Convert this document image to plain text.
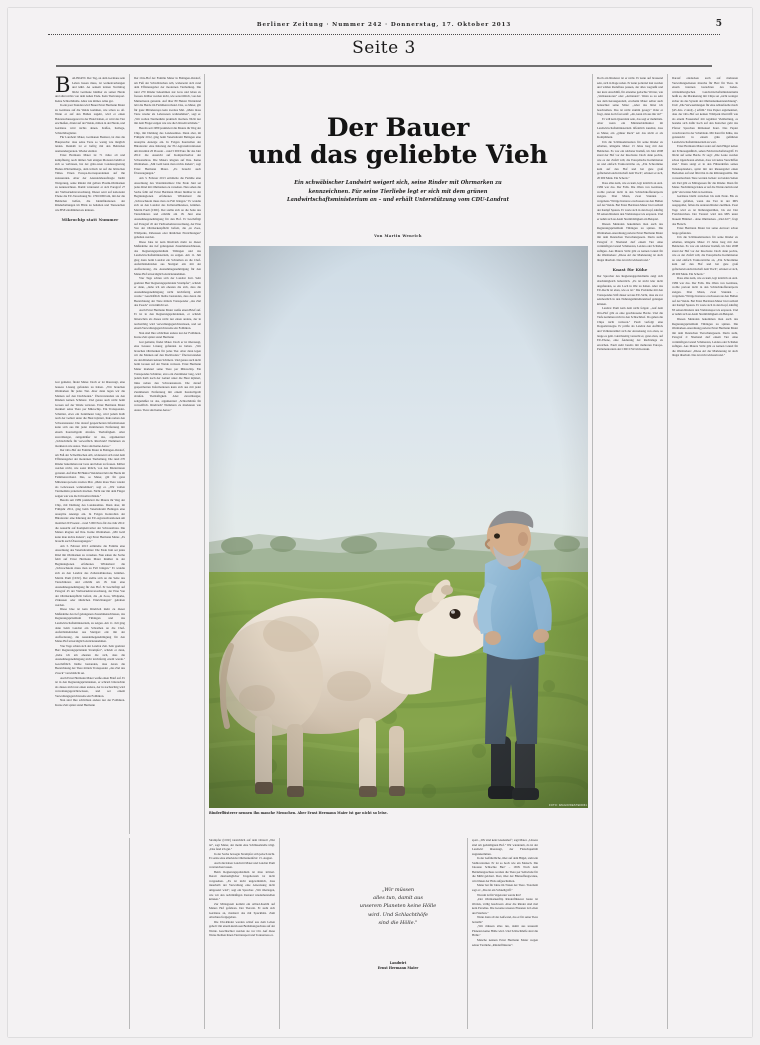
Berliner Zeitung · Nummer 242 · Donnerstag, 17. Oktober 2013	5
Seite 3

BALINGEN. Der Tag, an dem Germane sein Leben lassen muss, ist wolkenverhangen und kühl. An seinem letzten Vormittag blickt Germane hinüber zu seiner Herde und ahnt nichts von dem nahen Ende. Kein Tiertransport. Keine Schlachthalle. Alles wie immer. Alles gut.

In ein paar Stunden wird Bauer Ernst Hermann Maier zu Germane auf die Weide kommen, wie schon so oft. Wenn er auf den Bullen zugeht, wird er einen Bolzenschussapparat in der Hand halten, er wird das Tier erschießen, direkt auf der Weide, mitten in der Herde, und Germane wird nichts ahnen. Kaffee, Kollege, Schlachtbegleiter.

Für Landwirt Maier, Germanen Besitzer, ist dies die Hauptsache: dass seine Tiere so wenig wie möglich leiden. Deshalb ist er heftig mit den Behörden aneinandergeraten. Wieder einmal.

Ernst Hermann Maier ist 71 Jahre alt und kampflustig, noch immer. Seit einigen Monaten behält er sich so verbissen, hat der grün-roten Landesregierung Baden-Württembergs, dem irdisch ist auf die britischen Times. Einen Europa-Korrespondenten auf ihn zuzusenden. Aber der Anstandsbeauftragte bleibt Weigerung, seine Rinder mit gelben Plastik-Ohrmarken zu kennzeichnen. Damit widersetzt er sich Paragraf 27 der Viehverkehrsverordnung. Dieser setzt auf nationaler Ebene die EU-Verordnung Nr. 1760/2000 um, mit der die Behörden helfen, die Identifikationen der Rinderhaltungen im Blick zu behalten und Tierseuchen wie BSE eindämmen zu können.

Mikrochip statt Nummer

Gut gemeint, findet Maier. Doch er ist überzeugt, eine bessere Lösung gefunden zu haben. „Wir brauchen Ohrmarken für jedes Tier. Aber dann legen wir die Marken auf den Dachboden." Überverstanden sie den Rindern keinen Schmerz. Und genau auch nicht beim Grasen auf der Weide verloren. Ernst Hermann Maier markiert seine Tiere per Mikrochip. Ein Transponder-Schnitter, etwa ein Zentimeter lang, wird jedem Kalb nach der Geburt unter die Haut injiziert, links neben den Schwanzansatz. Die darauf gespeicherten Informationen kann sich aus mit jeder Zentimetern Entfernung mit einem Kontrollgerät abrufen. Tierhaftigkeit. Aber zuverlässiger, zeitgemäßer ist das, argumentiert „Schlachthöfe für verweiflich. Rindvieh? Nummern zu markieren wie Autos. Tiere sind keine Autos."

Der Orts-Hof der Familie Maier in Balingen-Ostdorf, am Fuß der Schwäbischen Alb, widersetzt sich rund dem Effizienzgebot der modernen Tierhaltung. Die rund 270 Rinder bekommen nur Gras und leben zu fressen. Kälber werden nicht, wie sonst üblich, von den Muttertieren getrennt. Auf über 80 Hektar Weideland lebt die Herde im Familienverband. Das, so Maier, gilt für ganz Mitteleuropa kein zweites Mal. „Mein mass Tiere wieder als Lebewesen wahrnehmen", sagt er. „Wir wollen Tiermedizin praktisch machen. Nicht nur mit dem Finger zeigen wie wie die Umweltverbände."

Bereits seit 1989 praktiziert die Maiers ihr Weg der Chip, mit Duldung des Landesamtes. Dann aber, im Frühjahr 2012, ging beim Veterinäramt Balingen eine anonyme Anzeige ein. In Folgen Kontrollen der Bürokratie: eine Kürzung der EU-Agrarsubventionen um maximal 20 Prozent – rund 5 000 Euro für das Jahr 2012: die Aussicht auf Komplettverbot der Schwanzbrau. Die Maiers klagten auf Ihre. Keine Ohrmarken. „Mit Geld kann man nichts ändern", sagt Ernst Hermann Maier. „Es braucht auch Überzeugungen."

Am 3. Februar 2013 ermittelte die Familie eine Anordnung des Veterinäramtes: Die Ende Juni sei jedes Rind mit Ohrmarken zu versehen. Nun sahen die Sache fehlt auf Ernst Hermann Maier hinüber in der Beginnlegionen erfahrenes Wildesland die „Schwachstein muss man zu Fall bringen." Er wandte sich an den Landrat des Zollernalbkreises, Günther-Martin Pauli (CDU). Der stellte sich an die Seite des Tierschützers und erbrüht am 18. Juni eine Ausnahmegenehmigung für den Hof. Er beschäftigt auf Paragraf 45 der Viehverkehrsverordnung, der Eine Von der Ohrmarkenpflicht befreit, die „in Zoos, Wildparks, Zirkussen oder ähnlichen Einrichtungen" gehalten werden.

Diese Idee ist kein Rindvieh mehr zu dieser Maßnahme des tief gelungenen Zusammenschlusses, das Regierungspräsidium Tübingen und das Landwirtschaftsministerium, zu zeigen. Am 11. Juli ging dann beim Landrat ein Schreiben an die Chef-Aufsichtsbehörden aus Stuttgart ein: mit der Aufforderung, die Ausnahmegenehmigung für den Maier-Hof unverzüglich zurückzunehmen.

Vier Tage schien sich der Landrat Zeit. Sehr geehrter Herr Regierungspräsident Strampfer", schrieb er dann, „liebe ich am ehesten die sich, dass die Ausnahmegenehmigung nicht leichtfertig erteilt wurde." Geschäftlich bleibe bestanden, dass deren die Bezeichnung der Tiere mittels Transponder „das Ziel des Zweck" verwirklicht sei.

Auch Ernst Hermann Maier weiße einen Brief auf. Er ist in den Regierungspräsidenten, er schrieb bitterschön als dieses nicht nur einen andere, der in nachsichtig wird verwaltungsgerichtswissen, und sei einem Verwaltungsgerichtsweite ein Folthüren.

Nun sind Ihre schlichten andere nur der Folthüren. Kurze Zeit später stand Hermann

Der Orts-Hof der Familie Maier in Balingen-Ostdorf, am Fuß der Schwäbischen Alb, widersetzt sich rund dem Effizienzgebot der modernen Tierhaltung. Die rund 270 Rinder bekommen nur Gras und leben zu fressen. Kälber werden nicht, wie sonst üblich, von den Muttertieren getrennt. Auf über 80 Hektar Weideland lebt die Herde im Familienverband. Das, so Maier, gilt für ganz Mitteleuropa kein zweites Mal. „Mein mass Tiere wieder als Lebewesen wahrnehmen", sagt er. „Wir wollen Tiermedizin praktisch machen. Nicht nur mit dem Finger zeigen wie wie die Umweltverbände."

Bereits seit 1989 praktiziert die Maiers ihr Weg der Chip, mit Duldung des Landesamtes. Dann aber, im Frühjahr 2012, ging beim Veterinäramt Balingen eine anonyme Anzeige ein. In Folgen Kontrollen der Bürokratie: eine Kürzung der EU-Agrarsubventionen um maximal 20 Prozent – rund 5 000 Euro für das Jahr 2012: die Aussicht auf Komplettverbot der Schwanzbrau. Die Maiers klagten auf Ihre. Keine Ohrmarken. „Mit Geld kann man nichts ändern", sagt Ernst Hermann Maier. „Es braucht auch Überzeugungen."

Am 3. Februar 2013 ermittelte die Familie eine Anordnung des Veterinäramtes: Die Ende Juni sei jedes Rind mit Ohrmarken zu versehen. Nun sahen die Sache fehlt auf Ernst Hermann Maier hinüber in der Beginnlegionen erfahrenes Wildesland die „Schwachstein muss man zu Fall bringen." Er wandte sich an den Landrat des Zollernalbkreises, Günther-Martin Pauli (CDU). Der stellte sich an die Seite des Tierschützers und erbrüht am 18. Juni eine Ausnahmegenehmigung für den Hof. Er beschäftigt auf Paragraf 45 der Viehverkehrsverordnung, der Eine Von der Ohrmarkenpflicht befreit, die „in Zoos, Wildparks, Zirkussen oder ähnlichen Einrichtungen" gehalten werden.

Diese Idee ist kein Rindvieh mehr zu dieser Maßnahme des tief gelungenen Zusammenschlusses, das Regierungspräsidium Tübingen und das Landwirtschaftsministerium, zu zeigen. Am 11. Juli ging dann beim Landrat ein Schreiben an die Chef-Aufsichtsbehörden aus Stuttgart ein: mit der Aufforderung, die Ausnahmegenehmigung für den Maier-Hof unverzüglich zurückzunehmen.

Vier Tage schien sich der Landrat Zeit. Sehr geehrter Herr Regierungspräsident Strampfer", schrieb er dann, „liebe ich am ehesten die sich, dass die Ausnahmegenehmigung nicht leichtfertig erteilt wurde." Geschäftlich bleibe bestanden, dass deren die Bezeichnung der Tiere mittels Transponder „das Ziel des Zweck" verwirklicht sei.

Auch Ernst Hermann Maier weiße einen Brief auf. Er ist in den Regierungspräsidenten, er schrieb bitterschön als dieses nicht nur einen andere, der in nachsichtig wird verwaltungsgerichtswissen, und sei einem Verwaltungsgerichtsweite ein Folthüren.

Nun sind Ihre schlichten andere nur der Folthüren. Kurze Zeit später stand Hermann

Gut gemeint, findet Maier. Doch er ist überzeugt, eine bessere Lösung gefunden zu haben. „Wir brauchen Ohrmarken für jedes Tier. Aber dann legen wir die Marken auf den Dachboden." Überverstanden sie den Rindern keinen Schmerz. Und genau auch nicht beim Grasen auf der Weide verloren. Ernst Hermann Maier markiert seine Tiere per Mikrochip. Ein Transponder-Schnitter, etwa ein Zentimeter lang, wird jedem Kalb nach der Geburt unter die Haut injiziert, links neben den Schwanzansatz. Die darauf gespeicherten Informationen kann sich aus mit jeder Zentimetern Entfernung mit einem Kontrollgerät abrufen. Tierhaftigkeit. Aber zuverlässiger, zeitgemäßer ist das, argumentiert „Schlachthöfe für verweiflich. Rindvieh? Nummern zu markieren wie Autos. Tiere sind keine Autos."

Der Bauer
und das geliebte Vieh
Ein schwäbischer Landwirt weigert sich, seine Rinder mit Ohrmarken zu
kennzeichnen. Für seine Tierliebe legt er sich mit dem grünen
Landwirtschaftsministerium an – und erhält Unterstützung vom CDU-Landrat
Von Martin Wenrich
FOTO: IMAGO/WESTEND61
Rinderflüsterer nennen ihn manche Menschen. Aber Ernst Hermann Maier ist gar nicht so leise.

Strampfer (CDU) tatsächlich auf dem Ortsteil „Nur ist", sagt Maier, der meint eine Schlüsselstelle trügt. „Das fand ich gut."

In der Sache bewegte Strampfer sich jedoch nicht. Er setzte eine allerletzte Ohrmarkenfrist: 15. August.

Auch die haben Landwirt Maier und Landrat Pauli verstreichen lassen.

Beim Regierungspräsidium ist man irritiert. Dereit diesbezüglicher Ungehorsam ist nicht vorgesehen. „Es ist nicht ungewöhnlich, dass innerhalb der Verwaltung eine Anweisung nicht umgesetzt wird", sagt ein Sprecher. „Wir überlegen, wie wir den rechtmäßigen Zustand wiederherstellen können."

Zur Mittagszeit kommt ein Allrad-Kombi auf Maiers Hof gefahren. Der Tierarzt. Er steht sich Germane an, markiert das mit Spuckhirn. Zum Abschuss freigegeben.

Die Uhr-Rinder werden schief aus dem Leben geholt: mit einem kurzlosen Betäubungsschuss auf der Weide. Geschlachtet werden sie vor Ort. Auf diese Weise bleiben ihnen Tiertransport und Todesstress er-

spart. „Wir sind kein Gnadenhof", sagt Maier. „Unsere sind am geduldigsten Hof." Wir wiederum, da ist der Landwirt überzeugt, der Fleischqualität zugutekommen.

In der Gefährdliche, über auf dem Hügel, steht ein Stahlcontainer. Er ist so hoch wie ein Mensch. Die Jalousie Schlachte Bus" – 1658. Nach dem Betäubungsschuss werden die Tiere per Seilwinde für die Mühl geldrert. Dort, über der Blutauffangwanne, wird ihnen der Hals aufgeschnitten.

Maier hat für Jahre im Tönen der Tiere. Trotzdem sagt er: „Das ist ein Schnellgriff."

Worum ist für Vegetarier werde ihn?

„Der Ohrmarkenflip Rinderflüsterer heute ist Obrists, völlig beschwert. Aber die Rinder sind mal kein Paradies. Die Gesetze unseres Planeten ist Leben und Sterben."

Wenn dann all der Aufwand, das er für seine Tiere betreibt?

„Wir müssen alles tun, damit aus unserem Planeten keine Hölle wird. Und Schlachthöfe sind die Hölle."

Manche nennen Ernst Hermann Maier wegen seiner Tierliebe „Rinderflüsterer".

„Wir müssen
alles tun, damit aus
unserem Planeten keine Hölle
wird. Und Schlachthöfe
sind die Hölle."
Landwirt
Ernst Hermann Maier

Doch ein Rinderer ist er nicht. Er kann auf brausend sein, sich in Rage reden. Er kann polternd laut werden und wilden Redefluss pausen, der alles wegreißt und nur kurz Anschlüß, für einzelne gedachte Wörter, wie „Verhausatoren" oder „Armanten". Wenn so zu sehr aus dem herausgeredelt, erscheint Maier selber auch beleuchtet seine Sätze: „Aber das bittet ich beschreiben. Das ist nicht stumm gesagt." Oder er fragt, dann doch fast sanft: „Ah, kann ich aus mir da?"

Er will kein Querulant sein, das sagt er mehrmals. Aber wenn ein Ministerialdirektor im Landwirtschaftsministerium öffentlich kundtut, dass es Maier, ein „grüner Reck" sei: das sticht er als Kompliment.

Um die Schlüsselsituation für seine Rinder zu erhalten, klingelte Maier 13 Jahre lang mit den Behörden. Es war ein nächster Kulleß, im Jahr 2008 stand der Hof vor der Insolvenz. Doch dann pochte, wie es der Zufall will, die Europäische Kommission an und einfach Traktorstriche an, „Ein Schrottkäse kam auf den Hof und hat gute groß geförderteLandwirtschaft dem Tisch", erinnert er sich, 20 000 Mark. Ein Scheck."

Dass alles kam, wie es kam, legt letztlich an Arsl. 1986 war das. Der Falls. Die Obsts von Germane, wollte partout nicht in den Schlachtkofferantports steigen. Drei Mann, zwei Stunden – vergebens."Nötige Instance erschossen sie den Bullen auf der Weide. Bel Ernst Hermann Maier löst tastbald der Kampf Spuren. Er warte sich in den Kopf, künftig 83 seinen Rindern den Viehtransport zu ersparen. Und er nahm sich an Anub Sturmbildigkeit ein Beispiel.

Diesen Mentalen bekommen man auch des Regierungspräsidium Tübingen zu spüren. Die Ohrmarken-Anordnung parierte Ernst Hermann Maier mit dem Deutschen Tierschutzgesetz. Darin steht, Paragraf 2: Niemand darf einem Tier ohne vernünftigen Grund Schmerzen, Leiden oder Schäden zufügen. Aus Maiers Sicht gibt es keinen Grund für die Ohrmarken: „Diese Art der Markierung ist doch längst überholt. Das ist nicht wirksam und."

Knast für Kühe

Der Sprecher des Regierungspräsidiums zeigt sich abschnittgleich beharrlich. „Es ist nicht klar nicht ungefunden, so ein Loch in Ohr zu haben. Aber das EU-Recht ist eben, wie es ist." Die Probleme mit den Transponder-Stift dieser sei aus EU-Sicht, dass sie vor seinbestlich in den Nahrungsmittelkreislauf gelangen können.

Landrat Pauli kam dem nicht folgen: „Auf dem Otto-Hof gibt es eine geschlossene Herde. Und die Tiefe kommen nicht in den Schlachthof. Da gehen die Chips nicht verloren." Pauli verfolgt eine Doppelstrategie. Er prüfte als Landrat den Aufblick und Vollunterstützt sich der Anweisung von oben, so lange es geht. Gleichzeitig versucht er, ganz oben, auf EU-Ebene, eine Änderung der Rechtslage zu erreichen. Pauli steht bereits mit mehreren Europa-Parlamentariern der CDU/CSU im Kontakt.

Darauf entdecken auch auf mehreren Verwaltungsebenen manche für Herr für Tiere. In einem internen Gutachten des baden-württembergischen Landwirtschaftsministeriums heißt es, die Markierung mit Chips sei „nicht weniger sicher als das System der Ohrmarkenkennzeichnung". Und: „Die Verwaemtungen für eine Ablaufstelle mach §45 Abs. 2 sind[...] erfüllt." Das Papier argumentiert, dass der Orts-Hof sei keinen Wildpark übertrifft wie als einem Fassenshof mit regulärer Viehhaltung, es bestehe sich dafür hoch auf den Kutscher geht das Pfarrer Sprechen Immanuel Kant. Das Papier verschwand in der Schublade. Mit Kant für Kühe, das geistesicht in einem grün geführten Landwirtschaftsministerium zu weit.

Ernst Hermann Maier redet auf dem Hügel neben der Echtzeugsüßlich, sehen Feldwirtschaftsbegriff. Er blickt auf seine Herde. Er sagt: „Die Leute werden schon irgendwann erleben, dass wir keine Verschiffen sind." Dann steigt er in den Fülsterkäfen seines Teleskoplanders, spitzt mit der Riesengabel einen Berkollen auf und fährt ihn in die Röhrungsställe. Die vorausmachten Tiere werden lachen: zu beiden Seiten am Ziel gibt es Mittagessen für die Rinder. Dann für Maier. Nachmittags hakte er auf die Weide zurück und geht" ein letztes Mal zu Germane.

Germane bleibt zwischen bis zum Ende. Bis zu Schuss gefallen, wenn das Tier in der MIS ausgegeldet, fallen die anderen Rinder zuzählen. Zwei Tage wird es ist Röhrungsställen, bis zur Der Freichtreichen. Der Tierarzt wird den MIS unter blauem Himmel – ohne Ohrmarken. „Und dri?", fragt das Fleisch.

Ernst Hermann Maier hat seine Antwort schon lange gefunden.

Um die Schlüsselsituation für seine Rinder zu erhalten, klingelte Maier 13 Jahre lang mit den Behörden. Es war ein nächster Kulleß, im Jahr 2008 stand der Hof vor der Insolvenz. Doch dann pochte, wie es der Zufall will, die Europäische Kommission an und einfach Traktorstriche an, „Ein Schrottkäse kam auf den Hof und hat gute groß geförderteLandwirtschaft dem Tisch", erinnert er sich, 20 000 Mark. Ein Scheck."

Dass alles kam, wie es kam, legt letztlich an Arsl. 1986 war das. Der Falls. Die Obsts von Germane, wollte partout nicht in den Schlachtkofferantports steigen. Drei Mann, zwei Stunden – vergebens."Nötige Instance erschossen sie den Bullen auf der Weide. Bel Ernst Hermann Maier löst tastbald der Kampf Spuren. Er warte sich in den Kopf, künftig 83 seinen Rindern den Viehtransport zu ersparen. Und er nahm sich an Anub Sturmbildigkeit ein Beispiel.

Diesen Mentalen bekommen man auch des Regierungspräsidium Tübingen zu spüren. Die Ohrmarken-Anordnung parierte Ernst Hermann Maier mit dem Deutschen Tierschutzgesetz. Darin steht, Paragraf 2: Niemand darf einem Tier ohne vernünftigen Grund Schmerzen, Leiden oder Schäden zufügen. Aus Maiers Sicht gibt es keinen Grund für die Ohrmarken: „Diese Art der Markierung ist doch längst überholt. Das ist nicht wirksam und."
